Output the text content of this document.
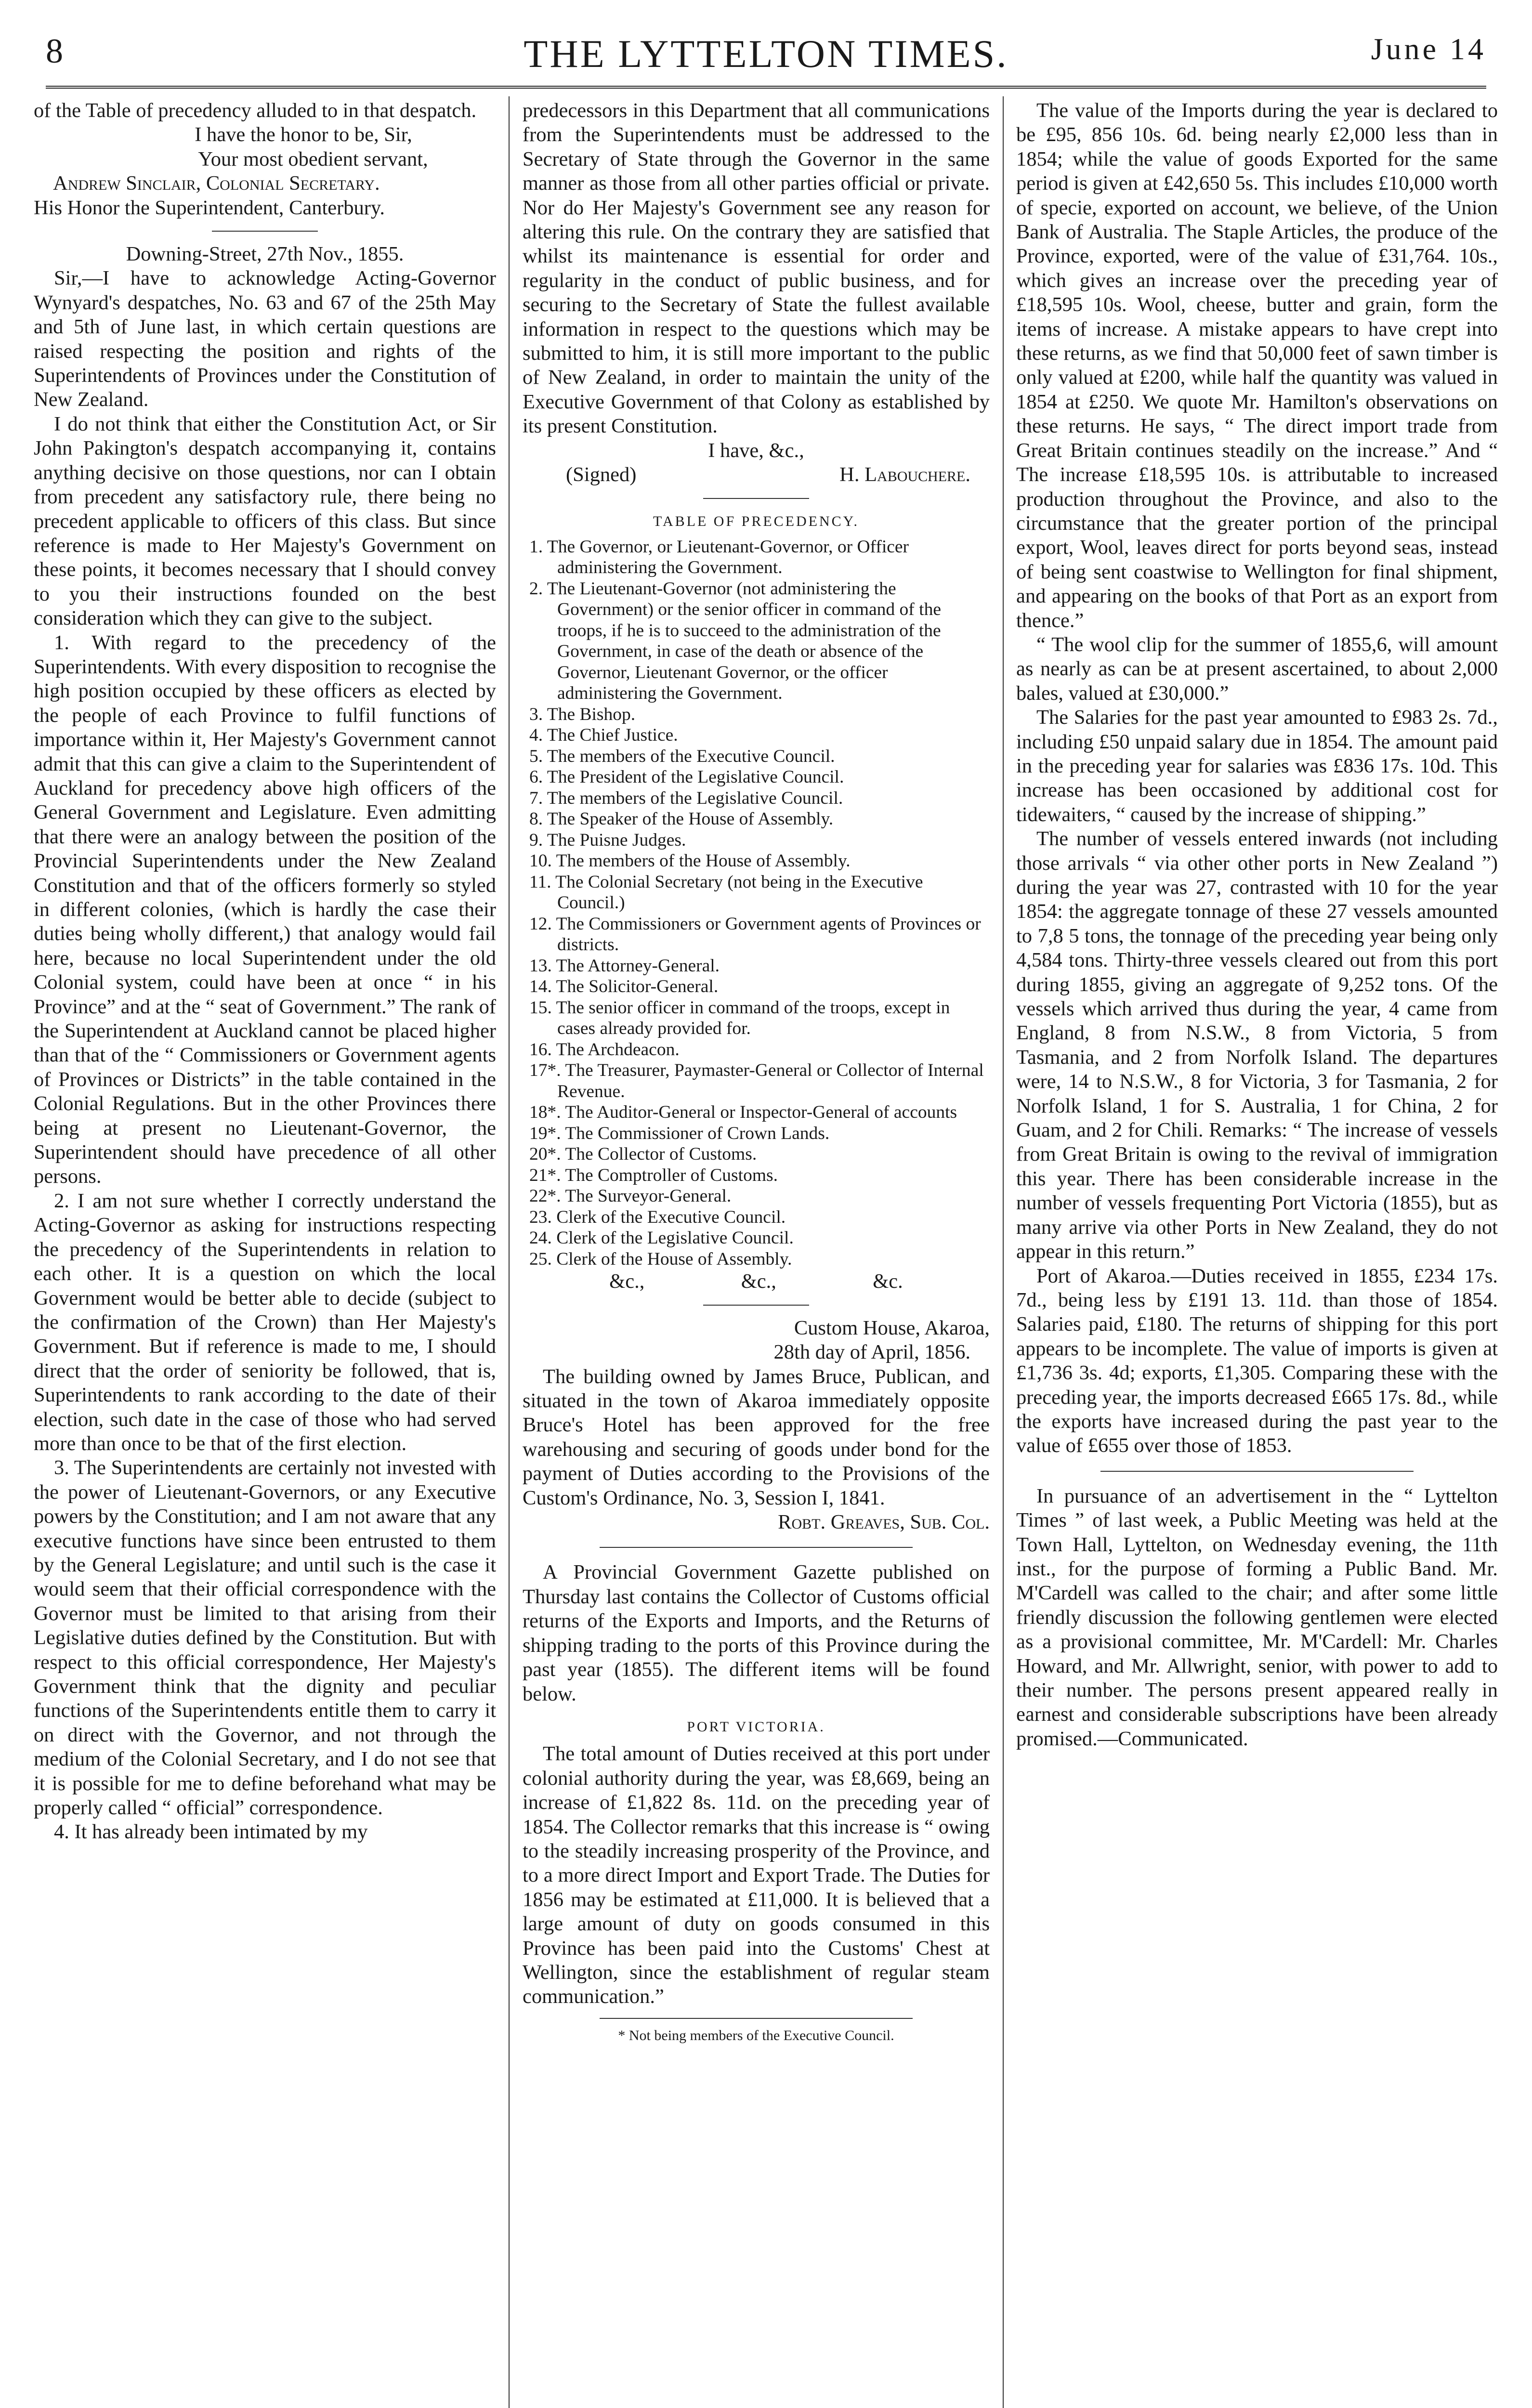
8	THE LYTTELTON TIMES.	June 14

of the Table of precedency alluded to in that despatch.

I have the honor to be, Sir,

Your most obedient servant,

Andrew Sinclair, Colonial Secretary.

His Honor the Superintendent, Canterbury.

Downing-Street, 27th Nov., 1855.

Sir,—I have to acknowledge Acting-Governor Wynyard's despatches, No. 63 and 67 of the 25th May and 5th of June last, in which certain questions are raised respecting the position and rights of the Superintendents of Provinces under the Constitution of New Zealand.

I do not think that either the Constitution Act, or Sir John Pakington's despatch accompanying it, contains anything decisive on those questions, nor can I obtain from precedent any satisfactory rule, there being no precedent applicable to officers of this class. But since reference is made to Her Majesty's Government on these points, it becomes necessary that I should convey to you their instructions founded on the best consideration which they can give to the subject.

1. With regard to the precedency of the Superintendents. With every disposition to recognise the high position occupied by these officers as elected by the people of each Province to fulfil functions of importance within it, Her Majesty's Government cannot admit that this can give a claim to the Superintendent of Auckland for precedency above high officers of the General Government and Legislature. Even admitting that there were an analogy between the position of the Provincial Superintendents under the New Zealand Constitution and that of the officers formerly so styled in different colonies, (which is hardly the case their duties being wholly different,) that analogy would fail here, because no local Superintendent under the old Colonial system, could have been at once “ in his Province” and at the “ seat of Government.” The rank of the Superintendent at Auckland cannot be placed higher than that of the “ Commissioners or Government agents of Provinces or Districts” in the table contained in the Colonial Regulations. But in the other Provinces there being at present no Lieutenant-Governor, the Superintendent should have precedence of all other persons.

2. I am not sure whether I correctly understand the Acting-Governor as asking for instructions respecting the precedency of the Superintendents in relation to each other. It is a question on which the local Government would be better able to decide (subject to the confirmation of the Crown) than Her Majesty's Government. But if reference is made to me, I should direct that the order of seniority be followed, that is, Superintendents to rank according to the date of their election, such date in the case of those who had served more than once to be that of the first election.

3. The Superintendents are certainly not invested with the power of Lieutenant-Governors, or any Executive powers by the Constitution; and I am not aware that any executive functions have since been entrusted to them by the General Legislature; and until such is the case it would seem that their official correspondence with the Governor must be limited to that arising from their Legislative duties defined by the Constitution. But with respect to this official correspondence, Her Majesty's Government think that the dignity and peculiar functions of the Superintendents entitle them to carry it on direct with the Governor, and not through the medium of the Colonial Secretary, and I do not see that it is possible for me to define beforehand what may be properly called “ official” correspondence.

4. It has already been intimated by my

predecessors in this Department that all communications from the Superintendents must be addressed to the Secretary of State through the Governor in the same manner as those from all other parties official or private. Nor do Her Majesty's Government see any reason for altering this rule. On the contrary they are satisfied that whilst its maintenance is essential for order and regularity in the conduct of public business, and for securing to the Secretary of State the fullest available information in respect to the questions which may be submitted to him, it is still more important to the public of New Zealand, in order to maintain the unity of the Executive Government of that Colony as established by its present Constitution.

I have, &c.,

(Signed)	H. Labouchere.

TABLE OF PRECEDENCY.

1. The Governor, or Lieutenant-Governor, or Officer administering the Government.
2. The Lieutenant-Governor (not administering the Government) or the senior officer in command of the troops, if he is to succeed to the administration of the Government, in case of the death or absence of the Governor, Lieutenant Governor, or the officer administering the Government.
3. The Bishop.
4. The Chief Justice.
5. The members of the Executive Council.
6. The President of the Legislative Council.
7. The members of the Legislative Council.
8. The Speaker of the House of Assembly.
9. The Puisne Judges.
10. The members of the House of Assembly.
11. The Colonial Secretary (not being in the Executive Council.)
12. The Commissioners or Government agents of Provinces or districts.
13. The Attorney-General.
14. The Solicitor-General.
15. The senior officer in command of the troops, except in cases already provided for.
16. The Archdeacon.
17*. The Treasurer, Paymaster-General or Collector of Internal Revenue.
18*. The Auditor-General or Inspector-General of accounts
19*. The Commissioner of Crown Lands.
20*. The Collector of Customs.
21*. The Comptroller of Customs.
22*. The Surveyor-General.
23. Clerk of the Executive Council.
24. Clerk of the Legislative Council.
25. Clerk of the House of Assembly.
&c.,	&c.,	&c.

Custom House, Akaroa,

28th day of April, 1856.

The building owned by James Bruce, Publican, and situated in the town of Akaroa immediately opposite Bruce's Hotel has been approved for the free warehousing and securing of goods under bond for the payment of Duties according to the Provisions of the Custom's Ordinance, No. 3, Session I, 1841.

Robt. Greaves, Sub. Col.

A Provincial Government Gazette published on Thursday last contains the Collector of Customs official returns of the Exports and Imports, and the Returns of shipping trading to the ports of this Province during the past year (1855). The different items will be found below.

PORT VICTORIA.

The total amount of Duties received at this port under colonial authority during the year, was £8,669, being an increase of £1,822 8s. 11d. on the preceding year of 1854. The Collector remarks that this increase is “ owing to the steadily increasing prosperity of the Province, and to a more direct Import and Export Trade. The Duties for 1856 may be estimated at £11,000. It is believed that a large amount of duty on goods consumed in this Province has been paid into the Customs' Chest at Wellington, since the establishment of regular steam communication.”

* Not being members of the Executive Council.

The value of the Imports during the year is declared to be £95, 856 10s. 6d. being nearly £2,000 less than in 1854; while the value of goods Exported for the same period is given at £42,650 5s. This includes £10,000 worth of specie, exported on account, we believe, of the Union Bank of Australia. The Staple Articles, the produce of the Province, exported, were of the value of £31,764. 10s., which gives an increase over the preceding year of £18,595 10s. Wool, cheese, butter and grain, form the items of increase. A mistake appears to have crept into these returns, as we find that 50,000 feet of sawn timber is only valued at £200, while half the quantity was valued in 1854 at £250. We quote Mr. Hamilton's observations on these returns. He says, “ The direct import trade from Great Britain continues steadily on the increase.” And “ The increase £18,595 10s. is attributable to increased production throughout the Province, and also to the circumstance that the greater portion of the principal export, Wool, leaves direct for ports beyond seas, instead of being sent coastwise to Wellington for final shipment, and appearing on the books of that Port as an export from thence.”

“ The wool clip for the summer of 1855,6, will amount as nearly as can be at present ascertained, to about 2,000 bales, valued at £30,000.”

The Salaries for the past year amounted to £983 2s. 7d., including £50 unpaid salary due in 1854. The amount paid in the preceding year for salaries was £836 17s. 10d. This increase has been occasioned by additional cost for tidewaiters, “ caused by the increase of shipping.”

The number of vessels entered inwards (not including those arrivals “ via other other ports in New Zealand ”) during the year was 27, contrasted with 10 for the year 1854: the aggregate tonnage of these 27 vessels amounted to 7,8 5 tons, the tonnage of the preceding year being only 4,584 tons. Thirty-three vessels cleared out from this port during 1855, giving an aggregate of 9,252 tons. Of the vessels which arrived thus during the year, 4 came from England, 8 from N.S.W., 8 from Victoria, 5 from Tasmania, and 2 from Norfolk Island. The departures were, 14 to N.S.W., 8 for Victoria, 3 for Tasmania, 2 for Norfolk Island, 1 for S. Australia, 1 for China, 2 for Guam, and 2 for Chili. Remarks: “ The increase of vessels from Great Britain is owing to the revival of immigration this year. There has been considerable increase in the number of vessels frequenting Port Victoria (1855), but as many arrive via other Ports in New Zealand, they do not appear in this return.”

Port of Akaroa.—Duties received in 1855, £234 17s. 7d., being less by £191 13. 11d. than those of 1854. Salaries paid, £180. The returns of shipping for this port appears to be incomplete. The value of imports is given at £1,736 3s. 4d; exports, £1,305. Comparing these with the preceding year, the imports decreased £665 17s. 8d., while the exports have increased during the past year to the value of £655 over those of 1853.

In pursuance of an advertisement in the “ Lyttelton Times ” of last week, a Public Meeting was held at the Town Hall, Lyttelton, on Wednesday evening, the 11th inst., for the purpose of forming a Public Band. Mr. M'Cardell was called to the chair; and after some little friendly discussion the following gentlemen were elected as a provisional committee, Mr. M'Cardell: Mr. Charles Howard, and Mr. Allwright, senior, with power to add to their number. The persons present appeared really in earnest and considerable subscriptions have been already promised.—Communicated.
